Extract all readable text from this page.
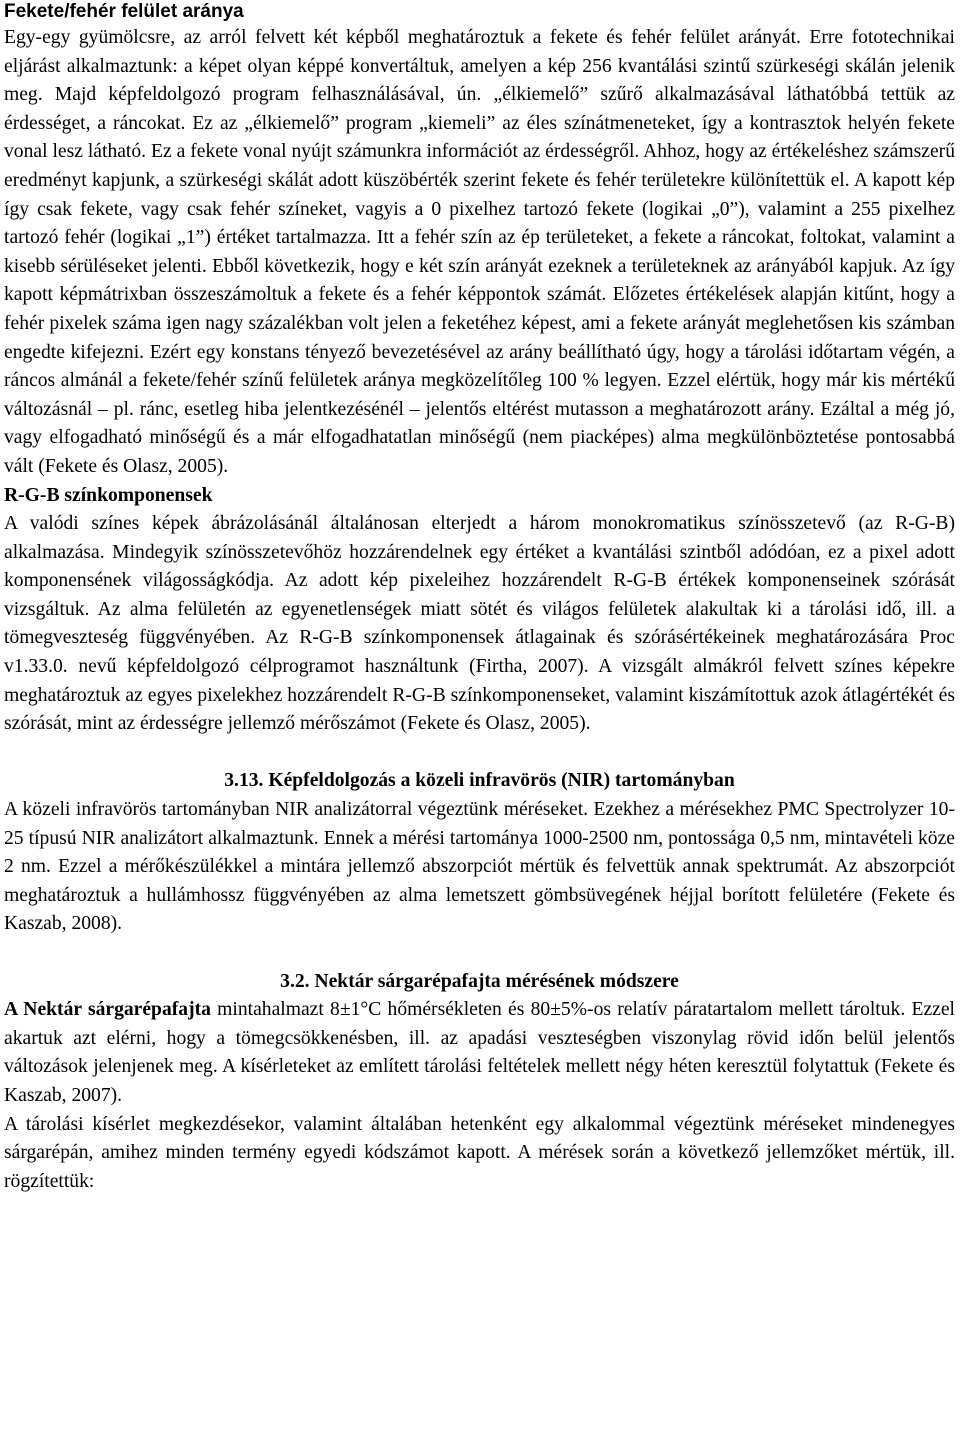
Fekete/fehér felület aránya

Egy-egy gyümölcsre, az arról felvett két képből meghatároztuk a fekete és fehér felület arányát. Erre fototechnikai eljárást alkalmaztunk: a képet olyan képpé konvertáltuk, amelyen a kép 256 kvantálási szintű szürkeségi skálán jelenik meg. Majd képfeldolgozó program felhasználásával, ún. „élkiemelő” szűrő alkalmazásával láthatóbbá tettük az érdességet, a ráncokat. Ez az „élkiemelő” program „kiemeli” az éles színátmeneteket, így a kontrasztok helyén fekete vonal lesz látható. Ez a fekete vonal nyújt számunkra információt az érdességről. Ahhoz, hogy az értékeléshez számszerű eredményt kapjunk, a szürkeségi skálát adott küszöbérték szerint fekete és fehér területekre különítettük el. A kapott kép így csak fekete, vagy csak fehér színeket, vagyis a 0 pixelhez tartozó fekete (logikai „0”), valamint a 255 pixelhez tartozó fehér (logikai „1”) értéket tartalmazza. Itt a fehér szín az ép területeket, a fekete a ráncokat, foltokat, valamint a kisebb sérüléseket jelenti. Ebből következik, hogy e két szín arányát ezeknek a területeknek az arányából kapjuk. Az így kapott képmátrixban összeszámoltuk a fekete és a fehér képpontok számát. Előzetes értékelések alapján kitűnt, hogy a fehér pixelek száma igen nagy százalékban volt jelen a feketéhez képest, ami a fekete arányát meglehetősen kis számban engedte kifejezni. Ezért egy konstans tényező bevezetésével az arány beállítható úgy, hogy a tárolási időtartam végén, a ráncos almánál a fekete/fehér színű felületek aránya megközelítőleg 100 % legyen. Ezzel elértük, hogy már kis mértékű változásnál – pl. ránc, esetleg hiba jelentkezésénél – jelentős eltérést mutasson a meghatározott arány. Ezáltal a még jó, vagy elfogadható minőségű és a már elfogadhatatlan minőségű (nem piacképes) alma megkülönböztetése pontosabbá vált (Fekete és Olasz, 2005).

R-G-B színkomponensek

A valódi színes képek ábrázolásánál általánosan elterjedt a három monokromatikus színösszetevő (az R-G-B) alkalmazása. Mindegyik színösszetevőhöz hozzárendelnek egy értéket a kvantálási szintből adódóan, ez a pixel adott komponensének világosságkódja. Az adott kép pixeleihez hozzárendelt R-G-B értékek komponenseinek szórását vizsgáltuk. Az alma felületén az egyenetlenségek miatt sötét és világos felületek alakultak ki a tárolási idő, ill. a tömegveszteség függvényében. Az R-G-B színkomponensek átlagainak és szórásértékeinek meghatározására Proc v1.33.0. nevű képfeldolgozó célprogramot használtunk (Firtha, 2007). A vizsgált almákról felvett színes képekre meghatároztuk az egyes pixelekhez hozzárendelt R-G-B színkomponenseket, valamint kiszámítottuk azok átlagértékét és szórását, mint az érdességre jellemző mérőszámot (Fekete és Olasz, 2005).

3.13. Képfeldolgozás a közeli infravörös (NIR) tartományban

A közeli infravörös tartományban NIR analizátorral végeztünk méréseket. Ezekhez a mérésekhez PMC Spectrolyzer 10-25 típusú NIR analizátort alkalmaztunk. Ennek a mérési tartománya 1000-2500 nm, pontossága 0,5 nm, mintavételi köze 2 nm. Ezzel a mérőkészülékkel a mintára jellemző abszorpciót mértük és felvettük annak spektrumát. Az abszorpciót meghatároztuk a hullámhossz függvényében az alma lemetszett gömbsüvegének héjjal borított felületére (Fekete és Kaszab, 2008).

3.2. Nektár sárgarépafajta mérésének módszere

A Nektár sárgarépafajta mintahalmazt 8±1°C hőmérsékleten és 80±5%-os relatív páratartalom mellett tároltuk. Ezzel akartuk azt elérni, hogy a tömegcsökkenésben, ill. az apadási veszteségben viszonylag rövid időn belül jelentős változások jelenjenek meg. A kísérleteket az említett tárolási feltételek mellett négy héten keresztül folytattuk (Fekete és Kaszab, 2007).

A tárolási kísérlet megkezdésekor, valamint általában hetenként egy alkalommal végeztünk méréseket mindenegyes sárgarépán, amihez minden termény egyedi kódszámot kapott. A mérések során a következő jellemzőket mértük, ill. rögzítettük:
